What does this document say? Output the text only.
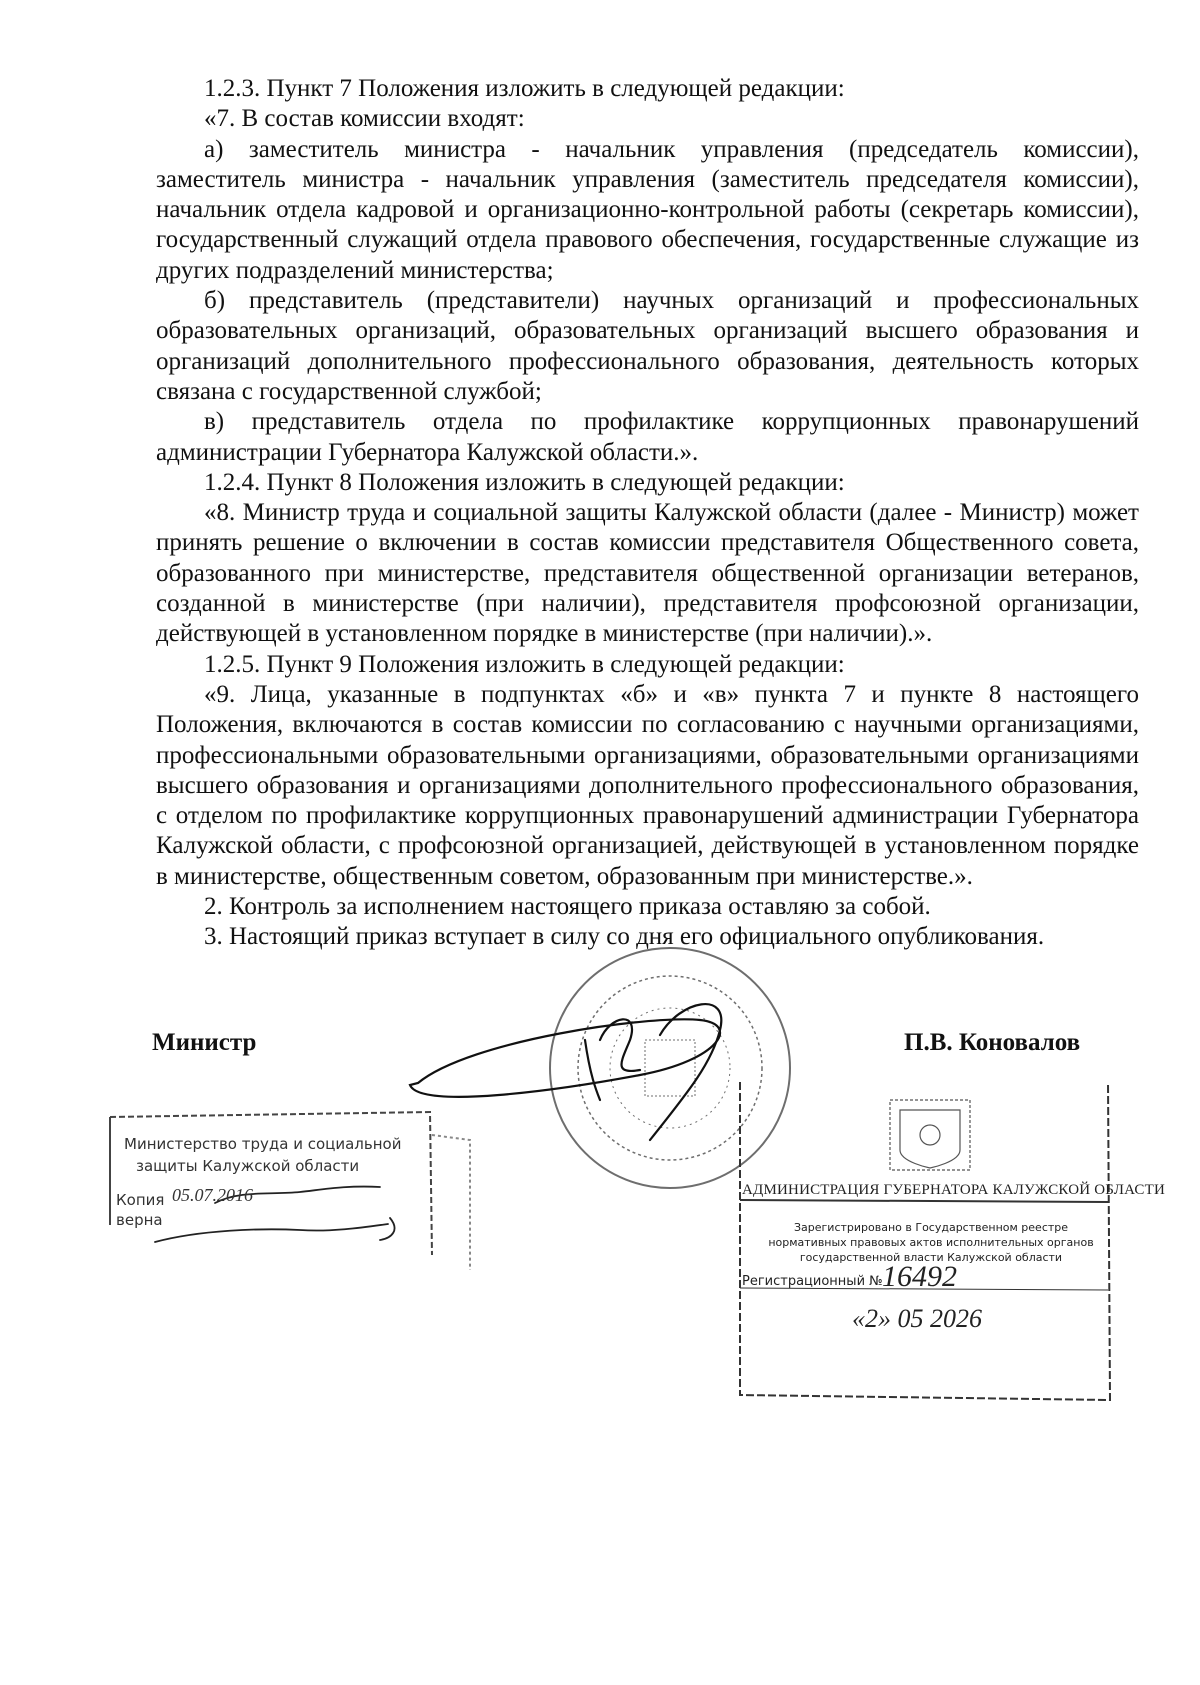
1.2.3. Пункт 7 Положения изложить в следующей редакции:

«7. В состав комиссии входят:

а) заместитель министра - начальник управления (председатель комиссии), заместитель министра - начальник управления (заместитель председателя комиссии), начальник отдела кадровой и организационно-контрольной работы (секретарь комиссии), государственный служащий отдела правового обеспечения, государственные служащие из других подразделений министерства;

б) представитель (представители) научных организаций и профессиональных образовательных организаций, образовательных организаций высшего образования и организаций дополнительного профессионального образования, деятельность которых связана с государственной службой;

в) представитель отдела по профилактике коррупционных правонарушений администрации Губернатора Калужской области.».

1.2.4. Пункт 8 Положения изложить в следующей редакции:

«8. Министр труда и социальной защиты Калужской области (далее - Министр) может принять решение о включении в состав комиссии представителя Общественного совета, образованного при министерстве, представителя общественной организации ветеранов, созданной в министерстве (при наличии), представителя профсоюзной организации, действующей в установленном порядке в министерстве (при наличии).».

1.2.5. Пункт 9 Положения изложить в следующей редакции:

«9. Лица, указанные в подпунктах «б» и «в» пункта 7 и пункте 8 настоящего Положения, включаются в состав комиссии по согласованию с научными организациями, профессиональными образовательными организациями, образовательными организациями высшего образования и организациями дополнительного профессионального образования, с отделом по профилактике коррупционных правонарушений администрации Губернатора Калужской области, с профсоюзной организацией, действующей в установленном порядке в министерстве, общественным советом, образованным при министерстве.».

2. Контроль за исполнением настоящего приказа оставляю за собой.

3. Настоящий приказ вступает в силу со дня его официального опубликования.

Министр	П.В. Коновалов
Министерство труда и социальной
защиты Калужской области
Копия 05.07.2016
верна
АДМИНИСТРАЦИЯ ГУБЕРНАТОРА КАЛУЖСКОЙ ОБЛАСТИ
Зарегистрировано в Государственном реестре нормативных правовых актов исполнительных органов государственной власти Калужской области
Регистрационный № 16492
«2» 05 2026
